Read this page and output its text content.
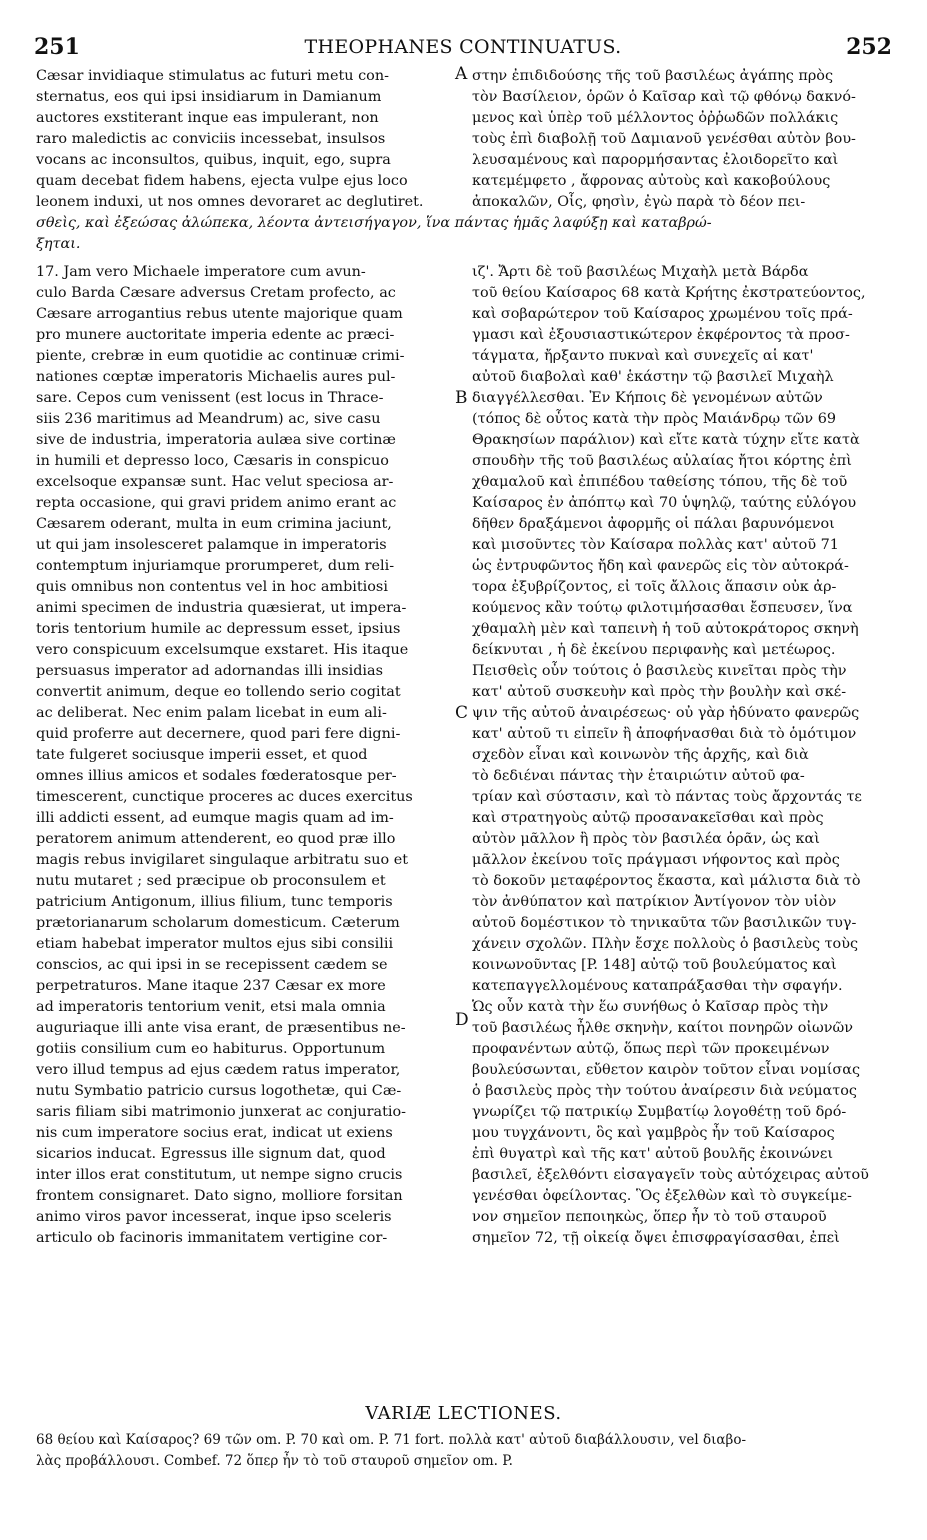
251	THEOPHANES CONTINUATUS.	252
Cæsar invidiaque stimulatus ac futuri metu con-
sternatus, eos qui ipsi insidiarum in Damianum
auctores exstiterant inque eas impulerant, non
raro maledictis ac conviciis incessebat, insulsos
vocans ac inconsultos, quibus, inquit, ego, supra
quam decebat fidem habens, ejecta vulpe ejus loco
leonem induxi, ut nos omnes devoraret ac deglutiret.
στην ἐπιδιδούσης τῆς τοῦ βασιλέως ἀγάπης πρὸς
τὸν Βασίλειον, ὁρῶν ὁ Καῖσαρ καὶ τῷ φθόνῳ δακνό-
μενος καὶ ὑπὲρ τοῦ μέλλοντος ὀῤῥωδῶν πολλάκις
τοὺς ἐπὶ διαβολῇ τοῦ Δαμιανοῦ γενέσθαι αὐτὸν βου-
λευσαμένους καὶ παρορμήσαντας ἐλοιδορεῖτο καὶ
κατεμέμφετο , ἄφρονας αὐτοὺς καὶ κακοβούλους
ἀποκαλῶν, Οἷς, φησὶν, ἐγὼ παρὰ τὸ δέον πει-
A
σθεὶς, καὶ ἐξεώσας ἀλώπεκα, λέοντα ἀντεισήγαγον, ἵνα πάντας ἡμᾶς λαφύξῃ καὶ καταβρώ-
ξηται.
17. Jam vero Michaele imperatore cum avun-
culo Barda Cæsare adversus Cretam profecto, ac
Cæsare arrogantius rebus utente majorique quam
pro munere auctoritate imperia edente ac præci-
piente, crebræ in eum quotidie ac continuæ crimi-
nationes cœptæ imperatoris Michaelis aures pul-
sare. Cepos cum venissent (est locus in Thrace-
siis 236 maritimus ad Meandrum) ac, sive casu
sive de industria, imperatoria aulæa sive cortinæ
in humili et depresso loco, Cæsaris in conspicuo
excelsoque expansæ sunt. Hac velut speciosa ar-
repta occasione, qui gravi pridem animo erant ac
Cæsarem oderant, multa in eum crimina jaciunt,
ut qui jam insolesceret palamque in imperatoris
contemptum injuriamque prorumperet, dum reli-
quis omnibus non contentus vel in hoc ambitiosi
animi specimen de industria quæsierat, ut impera-
toris tentorium humile ac depressum esset, ipsius
vero conspicuum excelsumque exstaret. His itaque
persuasus imperator ad adornandas illi insidias
convertit animum, deque eo tollendo serio cogitat
ac deliberat. Nec enim palam licebat in eum ali-
quid proferre aut decernere, quod pari fere digni-
tate fulgeret sociusque imperii esset, et quod
omnes illius amicos et sodales fœderatosque per-
timescerent, cunctique proceres ac duces exercitus
illi addicti essent, ad eumque magis quam ad im-
peratorem animum attenderent, eo quod præ illo
magis rebus invigilaret singulaque arbitratu suo et
nutu mutaret ; sed præcipue ob proconsulem et
patricium Antigonum, illius filium, tunc temporis
prætorianarum scholarum domesticum. Cæterum
etiam habebat imperator multos ejus sibi consilii
conscios, ac qui ipsi in se recepissent cædem se
perpetraturos. Mane itaque 237 Cæsar ex more
ad imperatoris tentorium venit, etsi mala omnia
auguriaque illi ante visa erant, de præsentibus ne-
gotiis consilium cum eo habiturus. Opportunum
vero illud tempus ad ejus cædem ratus imperator,
nutu Symbatio patricio cursus logothetæ, qui Cæ-
saris filiam sibi matrimonio junxerat ac conjuratio-
nis cum imperatore socius erat, indicat ut exiens
sicarios inducat. Egressus ille signum dat, quod
inter illos erat constitutum, ut nempe signo crucis
frontem consignaret. Dato signo, molliore forsitan
animo viros pavor incesserat, inque ipso sceleris
articulo ob facinoris immanitatem vertigine cor-
ιζ'. Ἄρτι δὲ τοῦ βασιλέως Μιχαὴλ μετὰ Βάρδα
τοῦ θείου Καίσαρος 68 κατὰ Κρήτης ἐκστρατεύοντος,
καὶ σοβαρώτερον τοῦ Καίσαρος χρωμένου τοῖς πρά-
γμασι καὶ ἐξουσιαστικώτερον ἐκφέροντος τὰ προσ-
τάγματα, ἤρξαντο πυκναὶ καὶ συνεχεῖς αἱ κατ'
αὐτοῦ διαβολαὶ καθ' ἑκάστην τῷ βασιλεῖ Μιχαὴλ
διαγγέλλεσθαι. Ἐν Κήποις δὲ γενομένων αὐτῶν
(τόπος δὲ οὗτος κατὰ τὴν πρὸς Μαιάνδρῳ τῶν 69
Θρακησίων παράλιον) καὶ εἴτε κατὰ τύχην εἴτε κατὰ
σπουδὴν τῆς τοῦ βασιλέως αὐλαίας ἤτοι κόρτης ἐπὶ
χθαμαλοῦ καὶ ἐπιπέδου ταθείσης τόπου, τῆς δὲ τοῦ
Καίσαρος ἐν ἀπόπτῳ καὶ 70 ὑψηλῷ, ταύτης εὐλόγου
δῆθεν δραξάμενοι ἀφορμῆς οἱ πάλαι βαρυνόμενοι
καὶ μισοῦντες τὸν Καίσαρα πολλὰς κατ' αὐτοῦ 71
ὡς ἐντρυφῶντος ἤδη καὶ φανερῶς εἰς τὸν αὐτοκρά-
τορα ἐξυβρίζοντος, εἰ τοῖς ἄλλοις ἅπασιν οὐκ ἀρ-
κούμενος κἂν τούτῳ φιλοτιμήσασθαι ἔσπευσεν, ἵνα
χθαμαλὴ μὲν καὶ ταπεινὴ ἡ τοῦ αὐτοκράτορος σκηνὴ
δείκνυται , ἡ δὲ ἐκείνου περιφανὴς καὶ μετέωρος.
Πεισθεὶς οὖν τούτοις ὁ βασιλεὺς κινεῖται πρὸς τὴν
κατ' αὐτοῦ συσκευὴν καὶ πρὸς τὴν βουλὴν καὶ σκέ-
ψιν τῆς αὐτοῦ ἀναιρέσεως· οὐ γὰρ ἠδύνατο φανερῶς
κατ' αὐτοῦ τι εἰπεῖν ἢ ἀποφήνασθαι διὰ τὸ ὁμότιμον
σχεδὸν εἶναι καὶ κοινωνὸν τῆς ἀρχῆς, καὶ διὰ
τὸ δεδιέναι πάντας τὴν ἑταιριώτιν αὐτοῦ φα-
τρίαν καὶ σύστασιν, καὶ τὸ πάντας τοὺς ἄρχοντάς τε
καὶ στρατηγοὺς αὐτῷ προσανακεῖσθαι καὶ πρὸς
αὐτὸν μᾶλλον ἢ πρὸς τὸν βασιλέα ὁρᾶν, ὡς καὶ
μᾶλλον ἐκείνου τοῖς πράγμασι νήφοντος καὶ πρὸς
τὸ δοκοῦν μεταφέροντος ἕκαστα, καὶ μάλιστα διὰ τὸ
τὸν ἀνθύπατον καὶ πατρίκιον Ἀντίγονον τὸν υἱὸν
αὐτοῦ δομέστικον τὸ τηνικαῦτα τῶν βασιλικῶν τυγ-
χάνειν σχολῶν. Πλὴν ἔσχε πολλοὺς ὁ βασιλεὺς τοὺς
κοινωνοῦντας [P. 148] αὐτῷ τοῦ βουλεύματος καὶ
κατεπαγγελλομένους καταπράξασθαι τὴν σφαγήν.
Ὡς οὖν κατὰ τὴν ἕω συνήθως ὁ Καῖσαρ πρὸς τὴν
τοῦ βασιλέως ἦλθε σκηνὴν, καίτοι πονηρῶν οἰωνῶν
προφανέντων αὐτῷ, ὅπως περὶ τῶν προκειμένων
βουλεύσωνται, εὔθετον καιρὸν τοῦτον εἶναι νομίσας
ὁ βασιλεὺς πρὸς τὴν τούτου ἀναίρεσιν διὰ νεύματος
γνωρίζει τῷ πατρικίῳ Συμβατίῳ λογοθέτῃ τοῦ δρό-
μου τυγχάνοντι, ὃς καὶ γαμβρὸς ἦν τοῦ Καίσαρος
ἐπὶ θυγατρὶ καὶ τῆς κατ' αὐτοῦ βουλῆς ἐκοινώνει
βασιλεῖ, ἐξελθόντι εἰσαγαγεῖν τοὺς αὐτόχειρας αὐτοῦ
γενέσθαι ὀφείλοντας. Ὃς ἐξελθὼν καὶ τὸ συγκείμε-
νον σημεῖον πεποιηκὼς, ὅπερ ἦν τὸ τοῦ σταυροῦ
σημεῖον 72, τῇ οἰκείᾳ ὄψει ἐπισφραγίσασθαι, ἐπεὶ
B
C
D
VARIÆ LECTIONES.
68 θείου καὶ Καίσαρος? 69 τῶν om. P. 70 καὶ om. P. 71 fort. πολλὰ κατ' αὐτοῦ διαβάλλουσιν, vel διαβο-
λὰς προβάλλουσι. Combef. 72 ὅπερ ἦν τὸ τοῦ σταυροῦ σημεῖον om. P.
